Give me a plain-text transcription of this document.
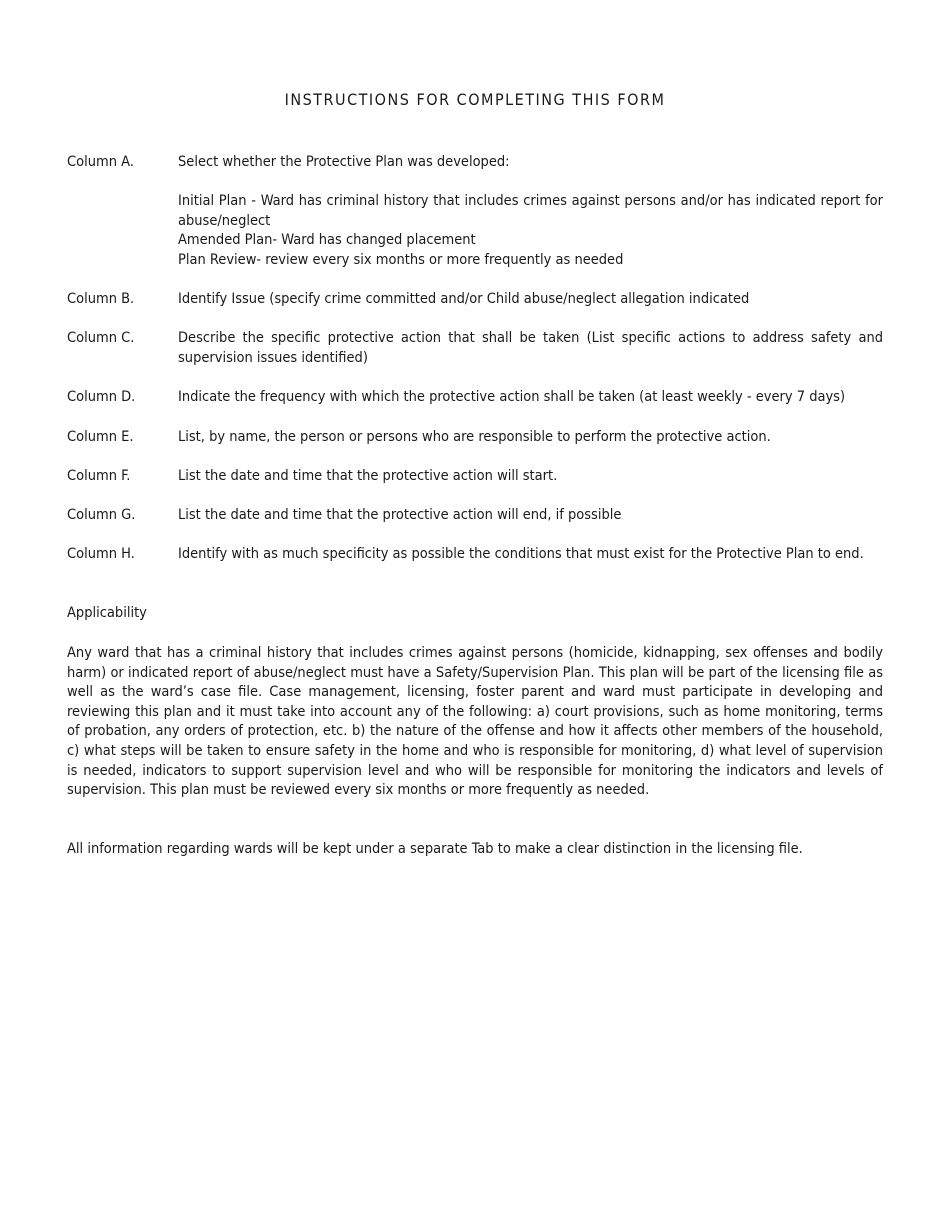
INSTRUCTIONS FOR COMPLETING THIS FORM
Column A.	Select whether the Protective Plan was developed:

Initial Plan - Ward has criminal history that includes crimes against persons and/or has indicated report for abuse/neglect

Amended Plan- Ward has changed placement

Plan Review- review every six months or more frequently as needed

Column B.	Identify Issue (specify crime committed and/or Child abuse/neglect allegation indicated
Column C.	Describe the specific protective action that shall be taken (List specific actions to address safety and supervision issues identified)
Column D.	Indicate the frequency with which the protective action shall be taken (at least weekly - every 7 days)
Column E.	List, by name, the person or persons who are responsible to perform the protective action.
Column F.	List the date and time that the protective action will start.
Column G.	List the date and time that the protective action will end, if possible
Column H.	Identify with as much specificity as possible the conditions that must exist for the Protective Plan to end.
Applicability

Any ward that has a criminal history that includes crimes against persons (homicide, kidnapping, sex offenses and bodily harm) or indicated report of abuse/neglect must have a Safety/Supervision Plan. This plan will be part of the licensing file as well as the ward’s case file. Case management, licensing, foster parent and ward must participate in developing and reviewing this plan and it must take into account any of the following: a) court provisions, such as home monitoring, terms of probation, any orders of protection, etc. b) the nature of the offense and how it affects other members of the household, c) what steps will be taken to ensure safety in the home and who is responsible for monitoring, d) what level of supervision is needed, indicators to support supervision level and who will be responsible for monitoring the indicators and levels of supervision. This plan must be reviewed every six months or more frequently as needed.

All information regarding wards will be kept under a separate Tab to make a clear distinction in the licensing file.
